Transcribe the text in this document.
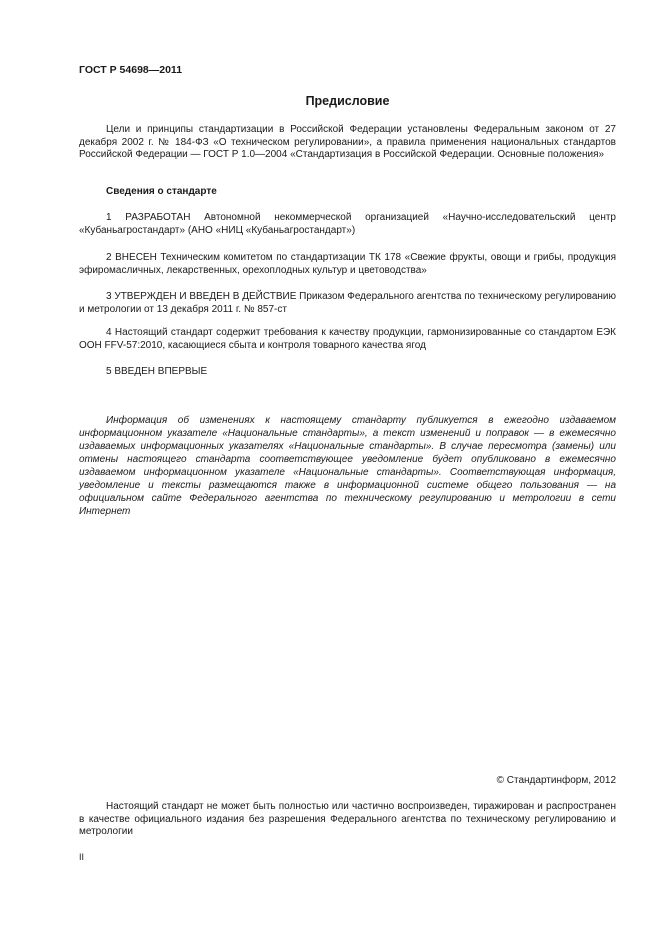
ГОСТ Р 54698—2011
Предисловие

Цели и принципы стандартизации в Российской Федерации установлены Федеральным законом от 27 декабря 2002 г. № 184-ФЗ «О техническом регулировании», а правила применения национальных стандартов Российской Федерации — ГОСТ Р 1.0—2004 «Стандартизация в Российской Федерации. Основные положения»

Сведения о стандарте

1 РАЗРАБОТАН Автономной некоммерческой организацией «Научно-исследовательский центр «Кубаньагростандарт» (АНО «НИЦ «Кубаньагростандарт»)

2 ВНЕСЕН Техническим комитетом по стандартизации ТК 178 «Свежие фрукты, овощи и грибы, продукция эфиромасличных, лекарственных, орехоплодных культур и цветоводства»

3 УТВЕРЖДЕН И ВВЕДЕН В ДЕЙСТВИЕ Приказом Федерального агентства по техническому регулированию и метрологии от 13 декабря 2011 г. № 857-ст

4 Настоящий стандарт содержит требования к качеству продукции, гармонизированные со стандартом ЕЭК ООН FFV-57:2010, касающиеся сбыта и контроля товарного качества ягод

5 ВВЕДЕН ВПЕРВЫЕ

Информация об изменениях к настоящему стандарту публикуется в ежегодно издаваемом информационном указателе «Национальные стандарты», а текст изменений и поправок — в ежемесячно издаваемых информационных указателях «Национальные стандарты». В случае пересмотра (замены) или отмены настоящего стандарта соответствующее уведомление будет опубликовано в ежемесячно издаваемом информационном указателе «Национальные стандарты». Соответствующая информация, уведомление и тексты размещаются также в информационной системе общего пользования — на официальном сайте Федерального агентства по техническому регулированию и метрологии в сети Интернет

© Стандартинформ, 2012

Настоящий стандарт не может быть полностью или частично воспроизведен, тиражирован и распространен в качестве официального издания без разрешения Федерального агентства по техническому регулированию и метрологии

II
